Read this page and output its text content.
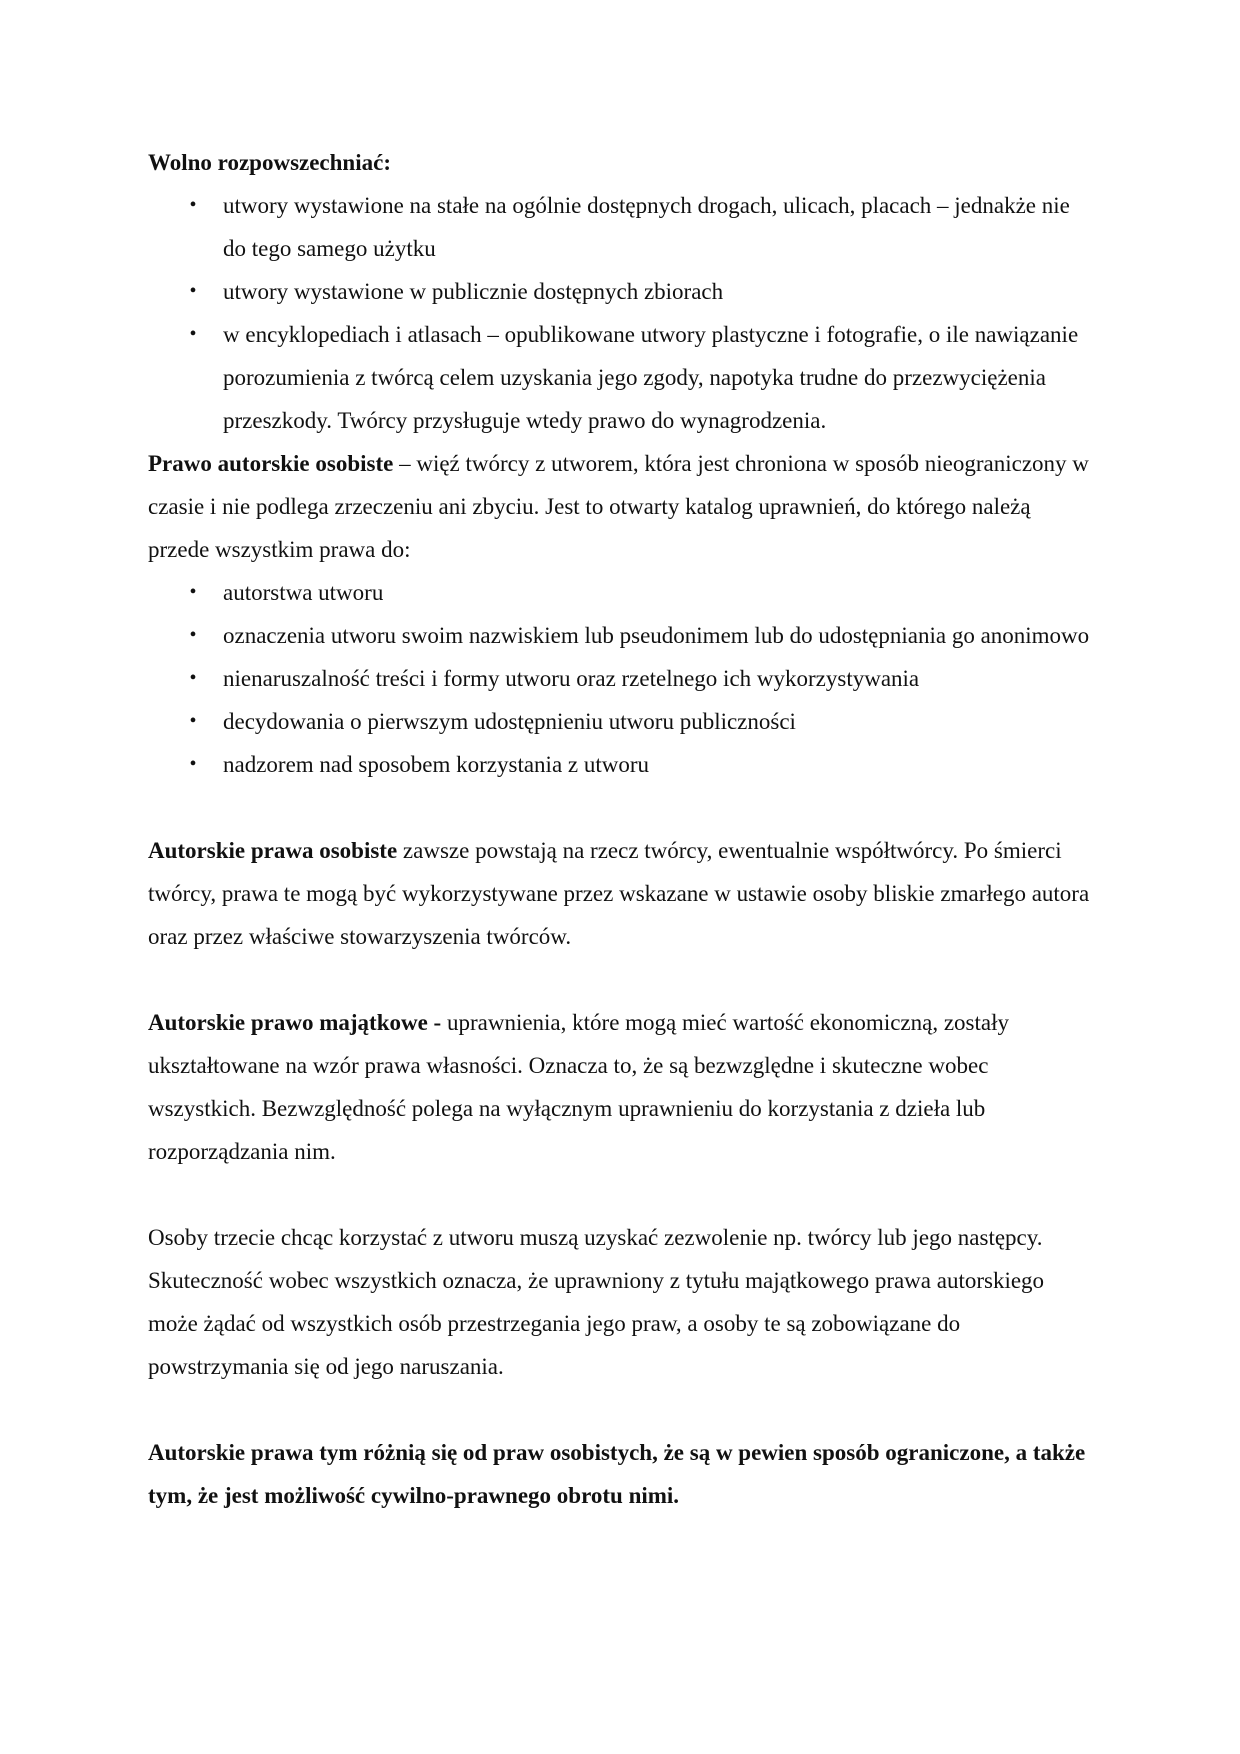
Wolno rozpowszechniać:

• utwory wystawione na stałe na ogólnie dostępnych drogach, ulicach, placach – jednakże nie do tego samego użytku
• utwory wystawione w publicznie dostępnych zbiorach
• w encyklopediach i atlasach – opublikowane utwory plastyczne i fotografie, o ile nawiązanie porozumienia z twórcą celem uzyskania jego zgody, napotyka trudne do przezwyciężenia przeszkody. Twórcy przysługuje wtedy prawo do wynagrodzenia.

Prawo autorskie osobiste – więź twórcy z utworem, która jest chroniona w sposób nieograniczony w czasie i nie podlega zrzeczeniu ani zbyciu. Jest to otwarty katalog uprawnień, do którego należą przede wszystkim prawa do:

• autorstwa utworu
• oznaczenia utworu swoim nazwiskiem lub pseudonimem lub do udostępniania go anonimowo
• nienaruszalność treści i formy utworu oraz rzetelnego ich wykorzystywania
• decydowania o pierwszym udostępnieniu utworu publiczności
• nadzorem nad sposobem korzystania z utworu

Autorskie prawa osobiste zawsze powstają na rzecz twórcy, ewentualnie współtwórcy. Po śmierci twórcy, prawa te mogą być wykorzystywane przez wskazane w ustawie osoby bliskie zmarłego autora oraz przez właściwe stowarzyszenia twórców.

Autorskie prawo majątkowe - uprawnienia, które mogą mieć wartość ekonomiczną, zostały ukształtowane na wzór prawa własności. Oznacza to, że są bezwzględne i skuteczne wobec wszystkich. Bezwzględność polega na wyłącznym uprawnieniu do korzystania z dzieła lub rozporządzania nim.

Osoby trzecie chcąc korzystać z utworu muszą uzyskać zezwolenie np. twórcy lub jego następcy. Skuteczność wobec wszystkich oznacza, że uprawniony z tytułu majątkowego prawa autorskiego może żądać od wszystkich osób przestrzegania jego praw, a osoby te są zobowiązane do powstrzymania się od jego naruszania.

Autorskie prawa tym różnią się od praw osobistych, że są w pewien sposób ograniczone, a także tym, że jest możliwość cywilno-prawnego obrotu nimi.
